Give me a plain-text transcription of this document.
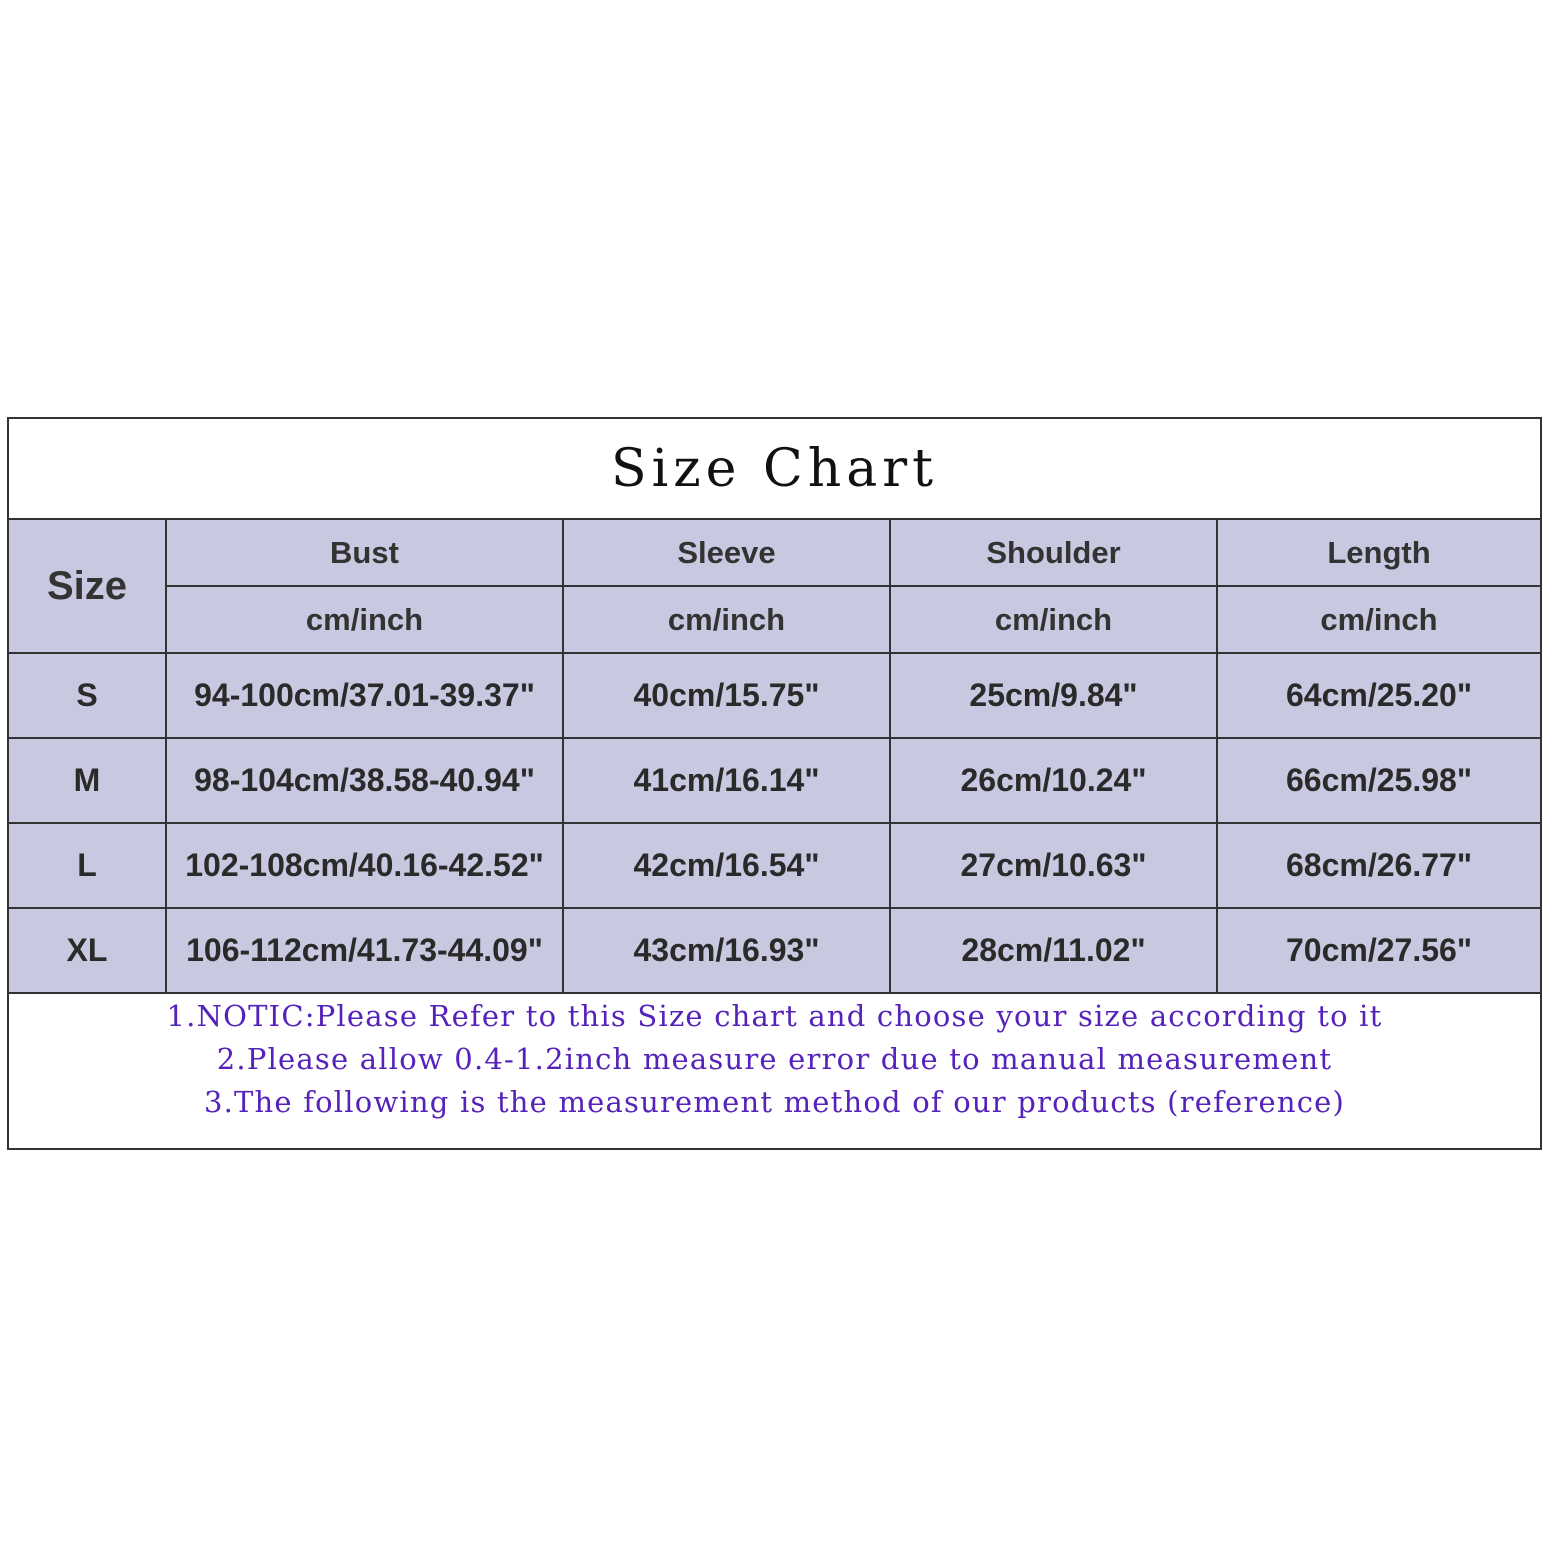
Size Chart
Size	Bust	Sleeve	Shoulder	Length
	cm/inch	cm/inch	cm/inch	cm/inch
S	94-100cm/37.01-39.37"	40cm/15.75"	25cm/9.84"	64cm/25.20"
M	98-104cm/38.58-40.94"	41cm/16.14"	26cm/10.24"	66cm/25.98"
L	102-108cm/40.16-42.52"	42cm/16.54"	27cm/10.63"	68cm/26.77"
XL	106-112cm/41.73-44.09"	43cm/16.93"	28cm/11.02"	70cm/27.56"
1.NOTIC:Please Refer to this Size chart and choose your size according to it
2.Please allow 0.4-1.2inch measure error due to manual measurement
3.The following is the measurement method of our products (reference)
